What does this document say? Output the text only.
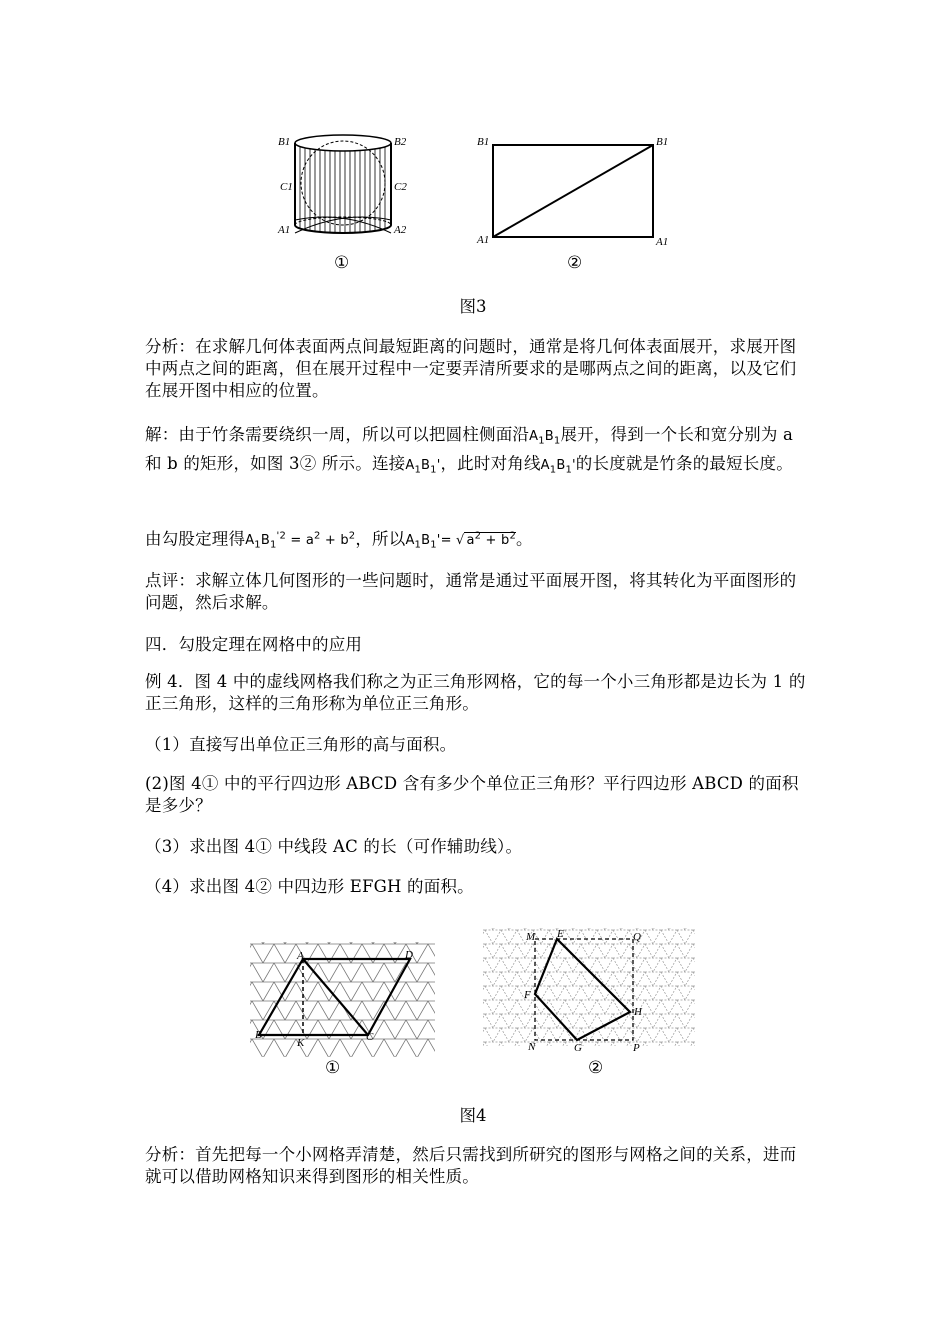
B1	B2
C1	C2
A1	A2
①
B1	B1
A1	A1
②
图3

分析：在求解几何体表面两点间最短距离的问题时，通常是将几何体表面展开，求展开图中两点之间的距离，但在展开过程中一定要弄清所要求的是哪两点之间的距离，以及它们在展开图中相应的位置。

解：由于竹条需要绕织一周，所以可以把圆柱侧面沿$A_1B_1$展开，得到一个长和宽分别为 a 和 b 的矩形，如图 3② 所示。连接$A_1B_1'$，此时对角线$A_1B_1'$的长度就是竹条的最短长度。

由勾股定理得$A_1B_1^{'2} = a^2 + b^2$，所以$A_1B_1'=$ √ $a^2 + b^2$。

点评：求解立体几何图形的一些问题时，通常是通过平面展开图，将其转化为平面图形的问题，然后求解。

四．勾股定理在网格中的应用

例 4．图 4 中的虚线网格我们称之为正三角形网格，它的每一个小三角形都是边长为 1 的正三角形，这样的三角形称为单位正三角形。

（1）直接写出单位正三角形的高与面积。

(2)图 4① 中的平行四边形 ABCD 含有多少个单位正三角形？平行四边形 ABCD 的面积是多少？

（3）求出图 4① 中线段 AC 的长（可作辅助线）。

（4）求出图 4② 中四边形 EFGH 的面积。

A	D
B
K	C
①
M E	Q
F
H
N	G	P
②
图4

分析：首先把每一个小网格弄清楚，然后只需找到所研究的图形与网格之间的关系，进而就可以借助网格知识来得到图形的相关性质。
